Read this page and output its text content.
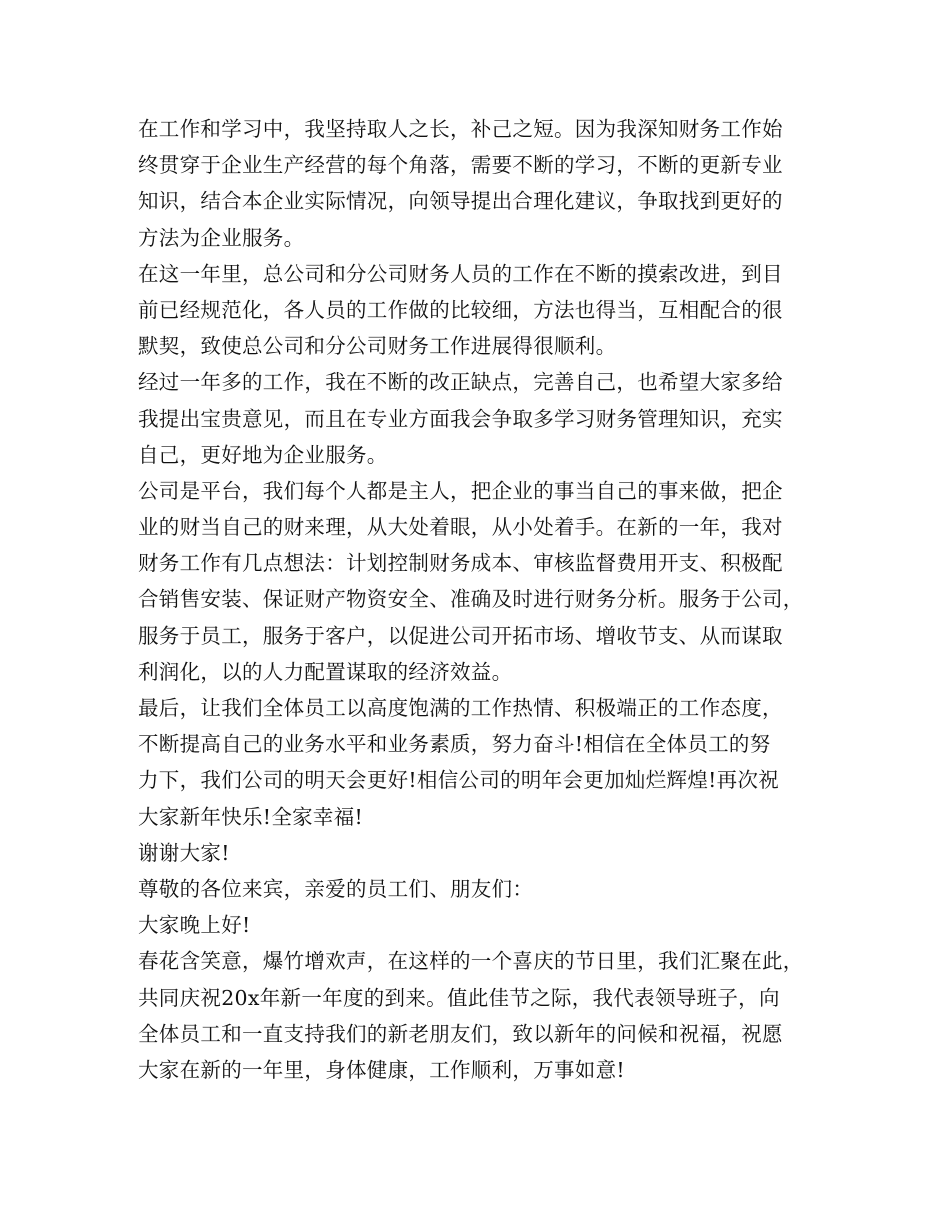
在工作和学习中，我坚持取人之长，补己之短。因为我深知财务工作始
终贯穿于企业生产经营的每个角落，需要不断的学习，不断的更新专业
知识，结合本企业实际情况，向领导提出合理化建议，争取找到更好的
方法为企业服务。
在这一年里，总公司和分公司财务人员的工作在不断的摸索改进，到目
前已经规范化，各人员的工作做的比较细，方法也得当，互相配合的很
默契，致使总公司和分公司财务工作进展得很顺利。
经过一年多的工作，我在不断的改正缺点，完善自己，也希望大家多给
我提出宝贵意见，而且在专业方面我会争取多学习财务管理知识，充实
自己，更好地为企业服务。
公司是平台，我们每个人都是主人，把企业的事当自己的事来做，把企
业的财当自己的财来理，从大处着眼，从小处着手。在新的一年，我对
财务工作有几点想法：计划控制财务成本、审核监督费用开支、积极配
合销售安装、保证财产物资安全、准确及时进行财务分析。服务于公司，
服务于员工，服务于客户，以促进公司开拓市场、增收节支、从而谋取
利润化，以的人力配置谋取的经济效益。
最后，让我们全体员工以高度饱满的工作热情、积极端正的工作态度，
不断提高自己的业务水平和业务素质，努力奋斗!相信在全体员工的努
力下，我们公司的明天会更好!相信公司的明年会更加灿烂辉煌!再次祝
大家新年快乐!全家幸福!
谢谢大家!
尊敬的各位来宾，亲爱的员工们、朋友们：
大家晚上好!
春花含笑意，爆竹增欢声，在这样的一个喜庆的节日里，我们汇聚在此，
共同庆祝20x年新一年度的到来。值此佳节之际，我代表领导班子，向
全体员工和一直支持我们的新老朋友们，致以新年的问候和祝福，祝愿
大家在新的一年里，身体健康，工作顺利，万事如意!
